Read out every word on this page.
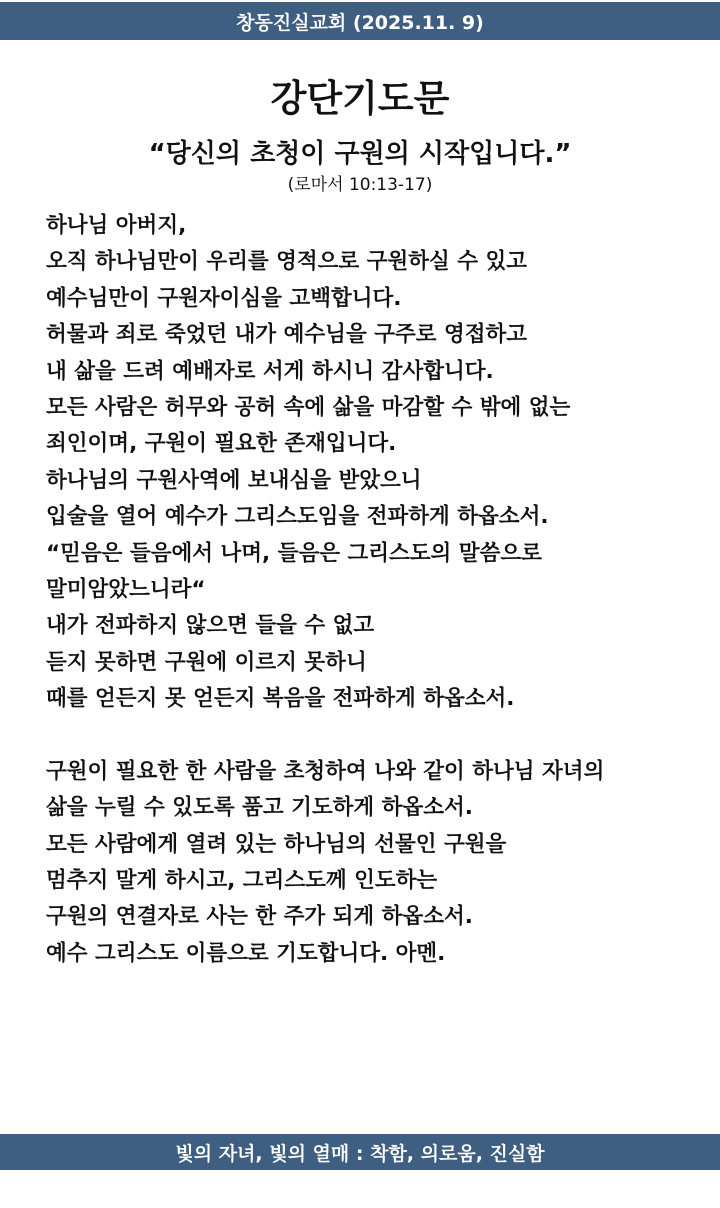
창동진실교회 (2025.11. 9)
강단기도문
“당신의 초청이 구원의 시작입니다.”
(로마서 10:13-17)
하나님 아버지,
오직 하나님만이 우리를 영적으로 구원하실 수 있고
예수님만이 구원자이심을 고백합니다.
허물과 죄로 죽었던 내가 예수님을 구주로 영접하고
내 삶을 드려 예배자로 서게 하시니 감사합니다.
모든 사람은 허무와 공허 속에 삶을 마감할 수 밖에 없는
죄인이며, 구원이 필요한 존재입니다.
하나님의 구원사역에 보내심을 받았으니
입술을 열어 예수가 그리스도임을 전파하게 하옵소서.
“믿음은 들음에서 나며, 들음은 그리스도의 말씀으로
말미암았느니라“
내가 전파하지 않으면 들을 수 없고
듣지 못하면 구원에 이르지 못하니
때를 얻든지 못 얻든지 복음을 전파하게 하옵소서.
구원이 필요한 한 사람을 초청하여 나와 같이 하나님 자녀의
삶을 누릴 수 있도록 품고 기도하게 하옵소서.
모든 사람에게 열려 있는 하나님의 선물인 구원을
멈추지 말게 하시고, 그리스도께 인도하는
구원의 연결자로 사는 한 주가 되게 하옵소서.
예수 그리스도 이름으로 기도합니다. 아멘.
빛의 자녀, 빛의 열매 : 착함, 의로움, 진실함
